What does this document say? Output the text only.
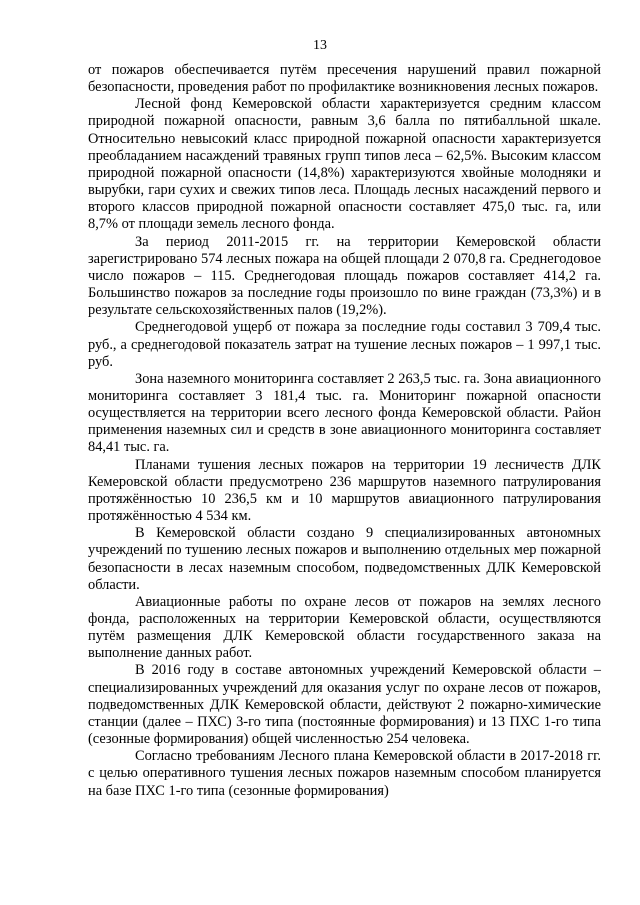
13

от пожаров обеспечивается путём пресечения нарушений правил пожарной безопасности, проведения работ по профилактике возникновения лесных пожаров.

Лесной фонд Кемеровской области характеризуется средним классом природной пожарной опасности, равным 3,6 балла по пятибалльной шкале. Относительно невысокий класс природной пожарной опасности характеризуется преобладанием насаждений травяных групп типов леса – 62,5%. Высоким классом природной пожарной опасности (14,8%) характеризуются хвойные молодняки и вырубки, гари сухих и свежих типов леса. Площадь лесных насаждений первого и второго классов природной пожарной опасности составляет 475,0 тыс. га, или 8,7% от площади земель лесного фонда.

За период 2011-2015 гг. на территории Кемеровской области зарегистрировано 574 лесных пожара на общей площади 2 070,8 га. Среднегодовое число пожаров – 115. Среднегодовая площадь пожаров составляет 414,2 га. Большинство пожаров за последние годы произошло по вине граждан (73,3%) и в результате сельскохозяйственных палов (19,2%).

Среднегодовой ущерб от пожара за последние годы составил 3 709,4 тыс. руб., а среднегодовой показатель затрат на тушение лесных пожаров – 1 997,1 тыс. руб.

Зона наземного мониторинга составляет 2 263,5 тыс. га. Зона авиационного мониторинга составляет 3 181,4 тыс. га. Мониторинг пожарной опасности осуществляется на территории всего лесного фонда Кемеровской области. Район применения наземных сил и средств в зоне авиационного мониторинга составляет 84,41 тыс. га.

Планами тушения лесных пожаров на территории 19 лесничеств ДЛК Кемеровской области предусмотрено 236 маршрутов наземного патрулирования протяжённостью 10 236,5 км и 10 маршрутов авиационного патрулирования протяжённостью 4 534 км.

В Кемеровской области создано 9 специализированных автономных учреждений по тушению лесных пожаров и выполнению отдельных мер пожарной безопасности в лесах наземным способом, подведомственных ДЛК Кемеровской области.

Авиационные работы по охране лесов от пожаров на землях лесного фонда, расположенных на территории Кемеровской области, осуществляются путём размещения ДЛК Кемеровской области государственного заказа на выполнение данных работ.

В 2016 году в составе автономных учреждений Кемеровской области – специализированных учреждений для оказания услуг по охране лесов от пожаров, подведомственных ДЛК Кемеровской области, действуют 2 пожарно-химические станции (далее – ПХС) 3-го типа (постоянные формирования) и 13 ПХС 1-го типа (сезонные формирования) общей численностью 254 человека.

Согласно требованиям Лесного плана Кемеровской области в 2017-2018 гг. с целью оперативного тушения лесных пожаров наземным способом планируется на базе ПХС 1-го типа (сезонные формирования)
